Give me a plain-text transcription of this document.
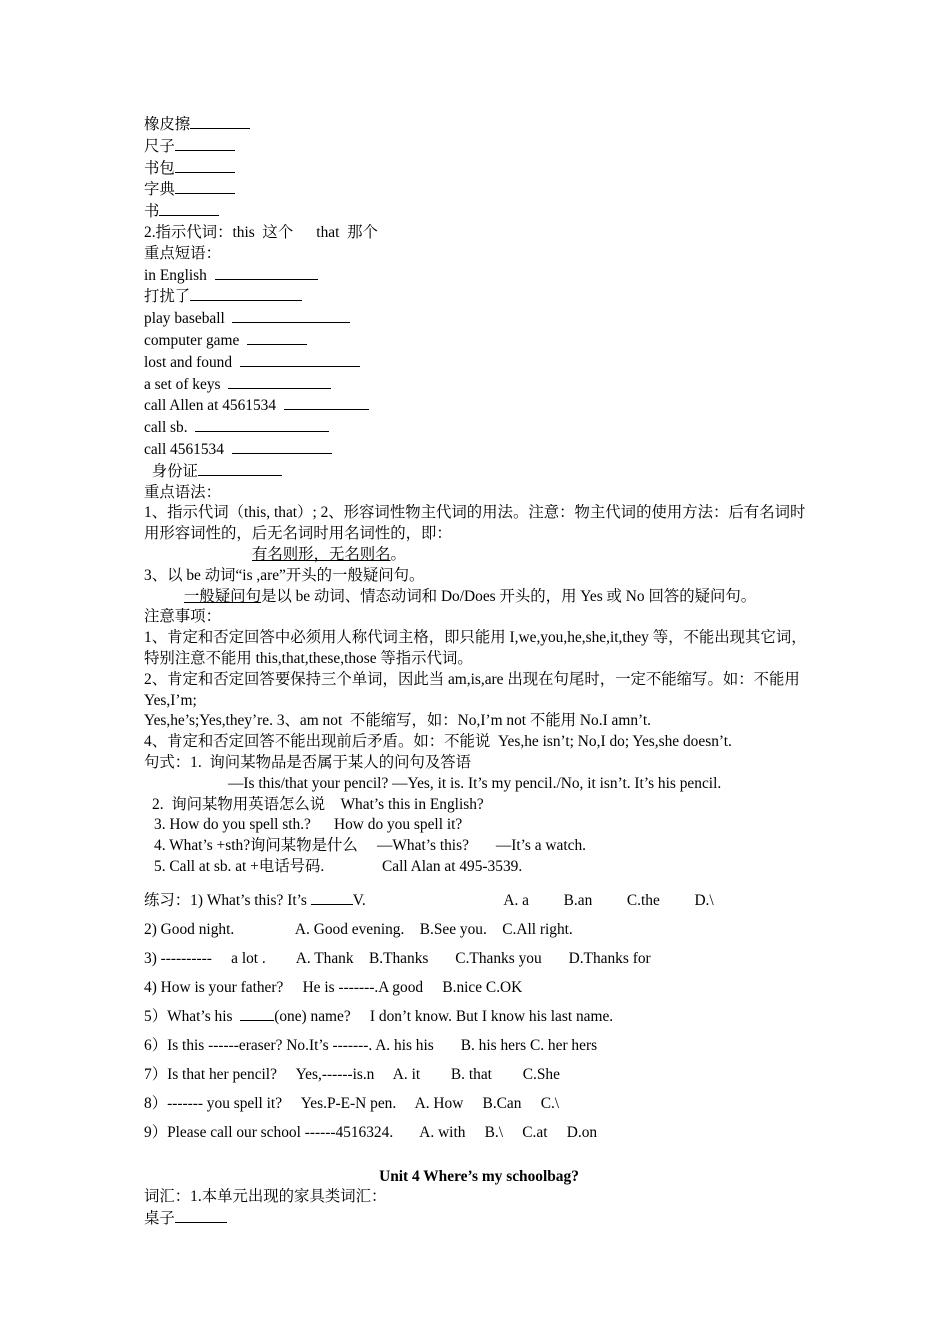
橡皮擦
尺子
书包
字典
书
2.指示代词：this  这个      that  那个
重点短语：
in English
打扰了
play baseball
computer game
lost and found
a set of keys
call Allen at 4561534
call sb.
call 4561534
身份证
重点语法：
1、指示代词（this, that）; 2、形容词性物主代词的用法。注意：物主代词的使用方法：后有名词时用形容词性的，后无名词时用名词性的，即：
有名则形，无名则名。
3、以 be 动词“is ,are”开头的一般疑问句。
一般疑问句是以 be 动词、情态动词和 Do/Does 开头的，用 Yes 或 No 回答的疑问句。
注意事项：
1、肯定和否定回答中必须用人称代词主格，即只能用 I,we,you,he,she,it,they 等，不能出现其它词，特别注意不能用 this,that,these,those 等指示代词。
2、肯定和否定回答要保持三个单词，因此当 am,is,are 出现在句尾时，一定不能缩写。如：不能用 Yes,I’m;
Yes,he’s;Yes,they’re. 3、am not  不能缩写，如：No,I’m not 不能用 No.I amn’t.
4、肯定和否定回答不能出现前后矛盾。如：不能说  Yes,he isn’t; No,I do; Yes,she doesn’t.
句式：1.  询问某物品是否属于某人的问句及答语
—Is this/that your pencil? —Yes, it is. It’s my pencil./No, it isn’t. It’s his pencil.
2.  询问某物用英语怎么说    What’s this in English?
3. How do you spell sth.?      How do you spell it?
4. What’s +sth?询问某物是什么     —What’s this?       —It’s a watch.
5. Call at sb. at +电话号码.               Call Alan at 495-3539.
练习：1) What’s this? It’s	V.                                    A. a         B.an         C.the         D.\
2) Good night.                A. Good evening.    B.See you.    C.All right.
3) ----------     a lot .        A. Thank    B.Thanks       C.Thanks you       D.Thanks for
4) How is your father?     He is -------.A good     B.nice C.OK
5）What’s his  (one) name?     I don’t know. But I know his last name.
6）Is this ------eraser? No.It’s -------. A. his his       B. his hers C. her hers
7）Is that her pencil?     Yes,------is.n     A. it        B. that        C.She
8）------- you spell it?     Yes.P-E-N pen.     A. How     B.Can     C.\
9）Please call our school ------4516324.       A. with     B.\     C.at     D.on
Unit 4 Where’s my schoolbag?
词汇：1.本单元出现的家具类词汇：
桌子
